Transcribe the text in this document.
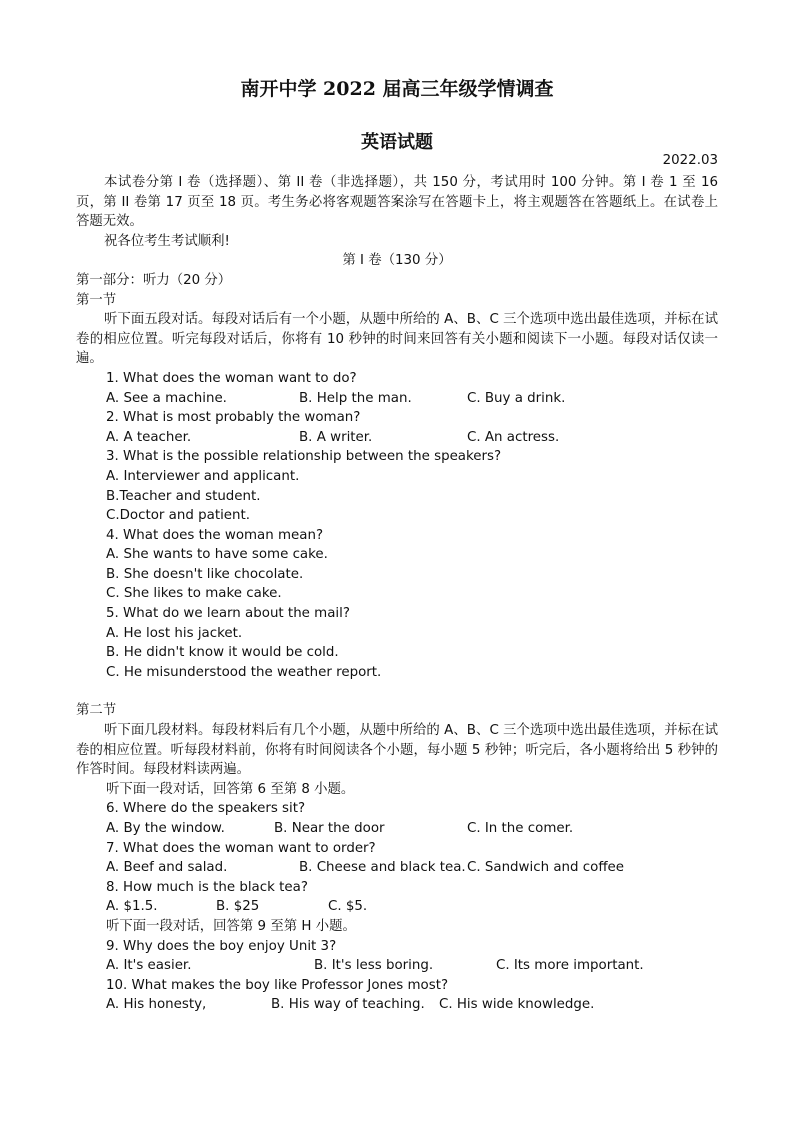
南开中学 2022 届高三年级学情调查
英语试题
2022.03

本试卷分第 I 卷（选择题）、第 II 卷（非选择题），共 150 分，考试用时 100 分钟。第 I 卷 1 至 16 页，第 II 卷第 17 页至 18 页。考生务必将客观题答案涂写在答题卡上，将主观题答在答题纸上。在试卷上答题无效。

祝各位考生考试顺利!

第 I 卷（130 分）

第一部分：听力（20 分）

第一节

听下面五段对话。每段对话后有一个小题，从题中所给的 A、B、C 三个选项中选出最佳选项，并标在试卷的相应位置。听完每段对话后，你将有 10 秒钟的时间来回答有关小题和阅读下一小题。每段对话仅读一遍。

1. What does the woman want to do?
A. See a machine.	B. Help the man.	C. Buy a drink.
2. What is most probably the woman?
A. A teacher.	B. A writer.	C. An actress.
3. What is the possible relationship between the speakers?
A. Interviewer and applicant.
B.Teacher and student.
C.Doctor and patient.
4. What does the woman mean?
A. She wants to have some cake.
B. She doesn't like chocolate.
C. She likes to make cake.
5. What do we learn about the mail?
A. He lost his jacket.
B. He didn't know it would be cold.
C. He misunderstood the weather report.

第二节

听下面几段材料。每段材料后有几个小题，从题中所给的 A、B、C 三个选项中选出最佳选项，并标在试卷的相应位置。听每段材料前，你将有时间阅读各个小题，每小题 5 秒钟；听完后，各小题将给出 5 秒钟的作答时间。每段材料读两遍。

听下面一段对话，回答第 6 至第 8 小题。
6. Where do the speakers sit?
A. By the window.	B. Near the door	C. In the comer.
7. What does the woman want to order?
A. Beef and salad.	B. Cheese and black tea. C. Sandwich and coffee
8. How much is the black tea?
A. $1.5.	B. $25	C. $5.
听下面一段对话，回答第 9 至第 H 小题。
9. Why does the boy enjoy Unit 3?
A. It's easier.	B. It's less boring.	C. Its more important.
10. What makes the boy like Professor Jones most?
A. His honesty,	B. His way of teaching.	C. His wide knowledge.
